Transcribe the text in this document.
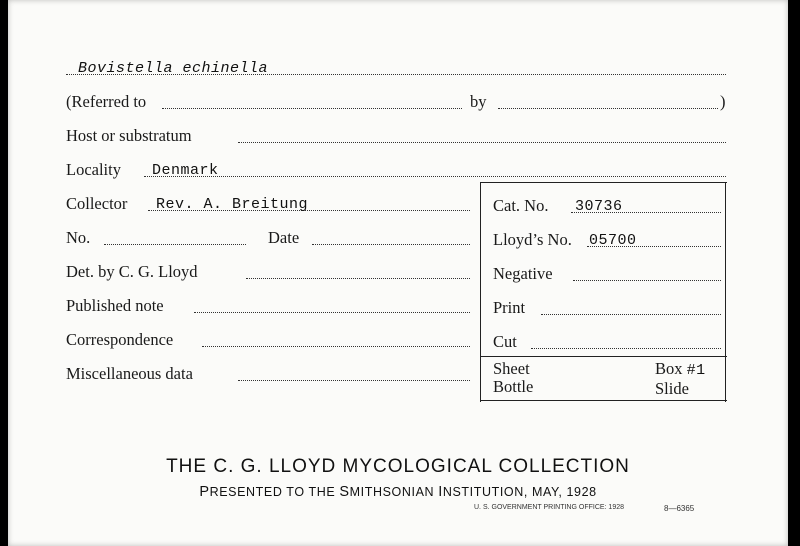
Bovistella echinella
(Referred to	by	)
Host or substratum
Locality Denmark
Collector Rev. A. Breitung
No.	Date
Det. by C. G. Lloyd
Published note
Correspondence
Miscellaneous data
Cat. No. 30736
Lloyd’s No. 05700
Negative
Print
Cut
Sheet
Bottle
Box #1
Slide
THE C. G. LLOYD MYCOLOGICAL COLLECTION
PRESENTED TO THE SMITHSONIAN INSTITUTION, MAY, 1928
U. S. GOVERNMENT PRINTING OFFICE: 1928	8—6365
